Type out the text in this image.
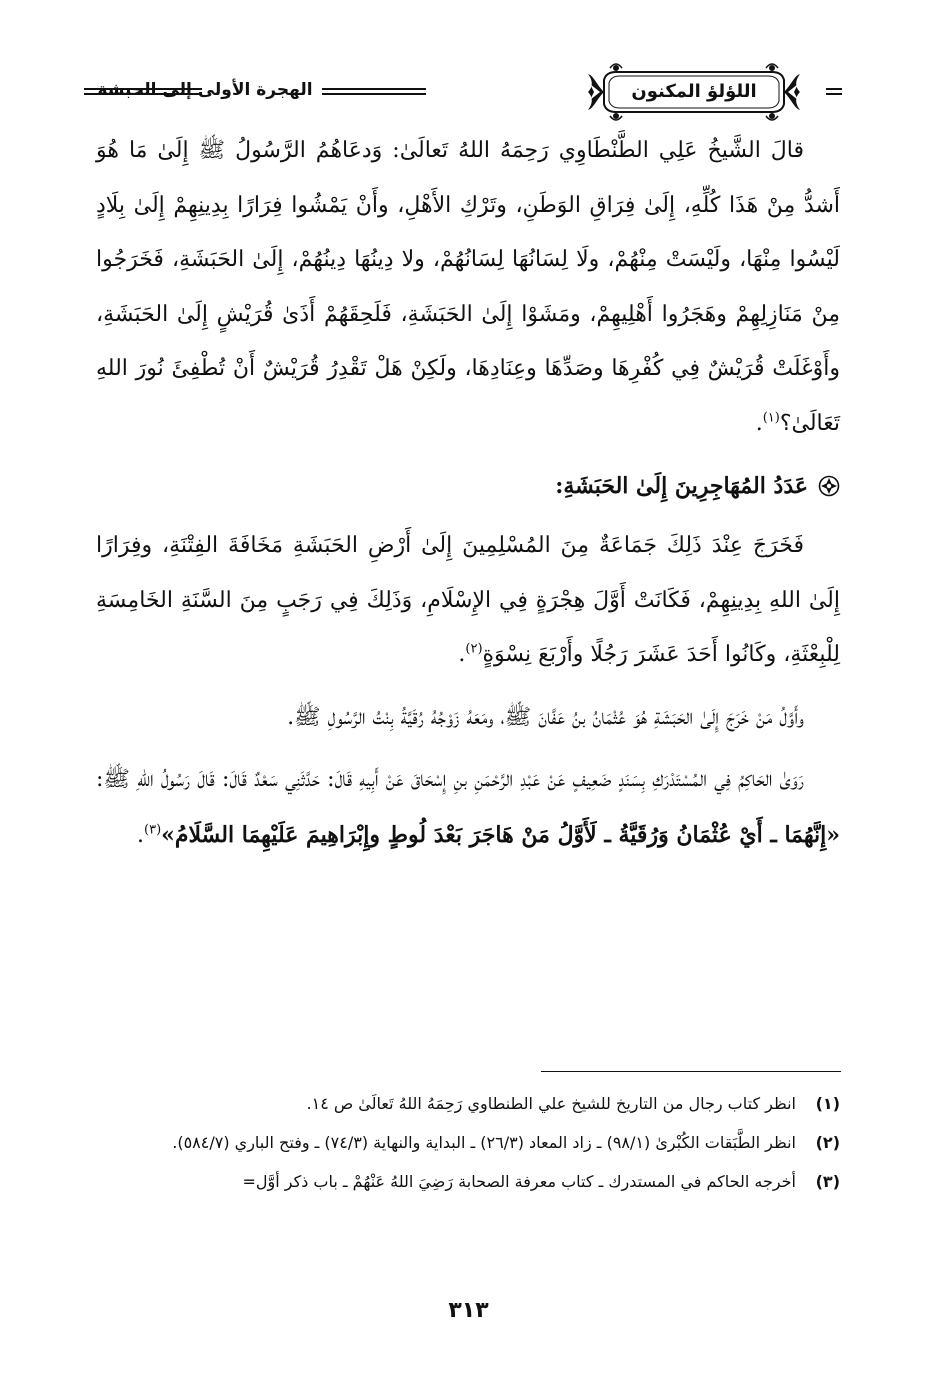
الهجرة الأولى إلى الحبشة	اللؤلؤ المكنون

قالَ الشَّيخُ عَلِي الطَّنْطَاوِي رَحِمَهُ اللهُ تَعالَىٰ: وَدعَاهُمُ الرَّسُولُ ﷺ إِلَىٰ مَا هُوَ أَشدُّ مِنْ هَذَا كُلِّهِ، إِلَىٰ فِرَاقِ الوَطَنِ، وتَرْكِ الأَهْلِ، وأَنْ يَمْشُوا فِرَارًا بِدِينِهِمْ إِلَىٰ بِلَادٍ لَيْسُوا مِنْهَا، ولَيْسَتْ مِنْهُمْ، ولَا لِسَانُهَا لِسَانُهُمْ، ولا دِينُهَا دِينُهُمْ، إِلَىٰ الحَبَشَةِ، فَخَرَجُوا مِنْ مَنَازِلِهِمْ وهَجَرُوا أَهْلِيهِمْ، ومَشَوْا إِلَىٰ الحَبَشَةِ، فَلَحِقَهُمْ أَذَىٰ قُرَيْشٍ إِلَىٰ الحَبَشَةِ، وأَوْغَلَتْ قُرَيْشٌ فِي كُفْرِهَا وصَدِّهَا وعِنَادِهَا، ولَكِنْ هَلْ تَقْدِرُ قُرَيْشٌ أَنْ تُطْفِئَ نُورَ اللهِ تَعَالَىٰ؟$^{(١)}$.

عَدَدُ المُهَاجِرِينَ إِلَىٰ الحَبَشَةِ:

فَخَرَجَ عِنْدَ ذَلِكَ جَمَاعَةٌ مِنَ المُسْلِمِينَ إِلَىٰ أَرْضِ الحَبَشَةِ مَخَافَةَ الفِتْنَةِ، وفِرَارًا إِلَىٰ اللهِ بِدِينِهِمْ، فَكَانَتْ أَوَّلَ هِجْرَةٍ فِي الإِسْلَامِ، وَذَلِكَ فِي رَجَبٍ مِنَ السَّنَةِ الخَامِسَةِ لِلْبِعْثَةِ، وكَانُوا أَحَدَ عَشَرَ رَجُلًا وأَرْبَعَ نِسْوَةٍ$^{(٢)}$.

وأَوَّلُ مَنْ خَرَجَ إِلَىٰ الحَبَشَةِ هُوَ عُثْمَانُ بنُ عَفَّانَ ﷺ، ومَعَهُ زَوْجُهُ رُقَيَّةُ بِنْتُ الرَّسُولِ ﷺ.

رَوَىٰ الحَاكِمُ فِي المُسْتَدْرَكِ بِسَنَدٍ ضَعِيفٍ عَنْ عَبْدِ الرَّحْمَنِ بنِ إِسْحَاقَ عَنْ أَبِيهِ قَالَ: حَدَّثَنِي سَعْدٌ قَالَ: قَالَ رَسُولُ اللهِ ﷺ: «إِنَّهُمَا ـ أَيْ عُثْمَانُ وَرُقَيَّةُ ـ لَأَوَّلُ مَنْ هَاجَرَ بَعْدَ لُوطٍ وإِبْرَاهِيمَ عَلَيْهِمَا السَّلَامُ»$^{(٣)}$.

(١)
انظر كتاب رجال من التاريخ للشيخ علي الطنطاوي رَحِمَهُ اللهُ تَعالَىٰ ص ١٤.
(٢)
انظر الطَّبَقات الكُبْرىٰ (٩٨/١) ـ زاد المعاد (٢٦/٣) ـ البداية والنهاية (٧٤/٣) ـ وفتح الباري (٥٨٤/٧).
(٣)
أخرجه الحاكم في المستدرك ـ كتاب معرفة الصحابة رَضِيَ اللهُ عَنْهُمْ ـ باب ذكر أوَّل=
٣١٣
